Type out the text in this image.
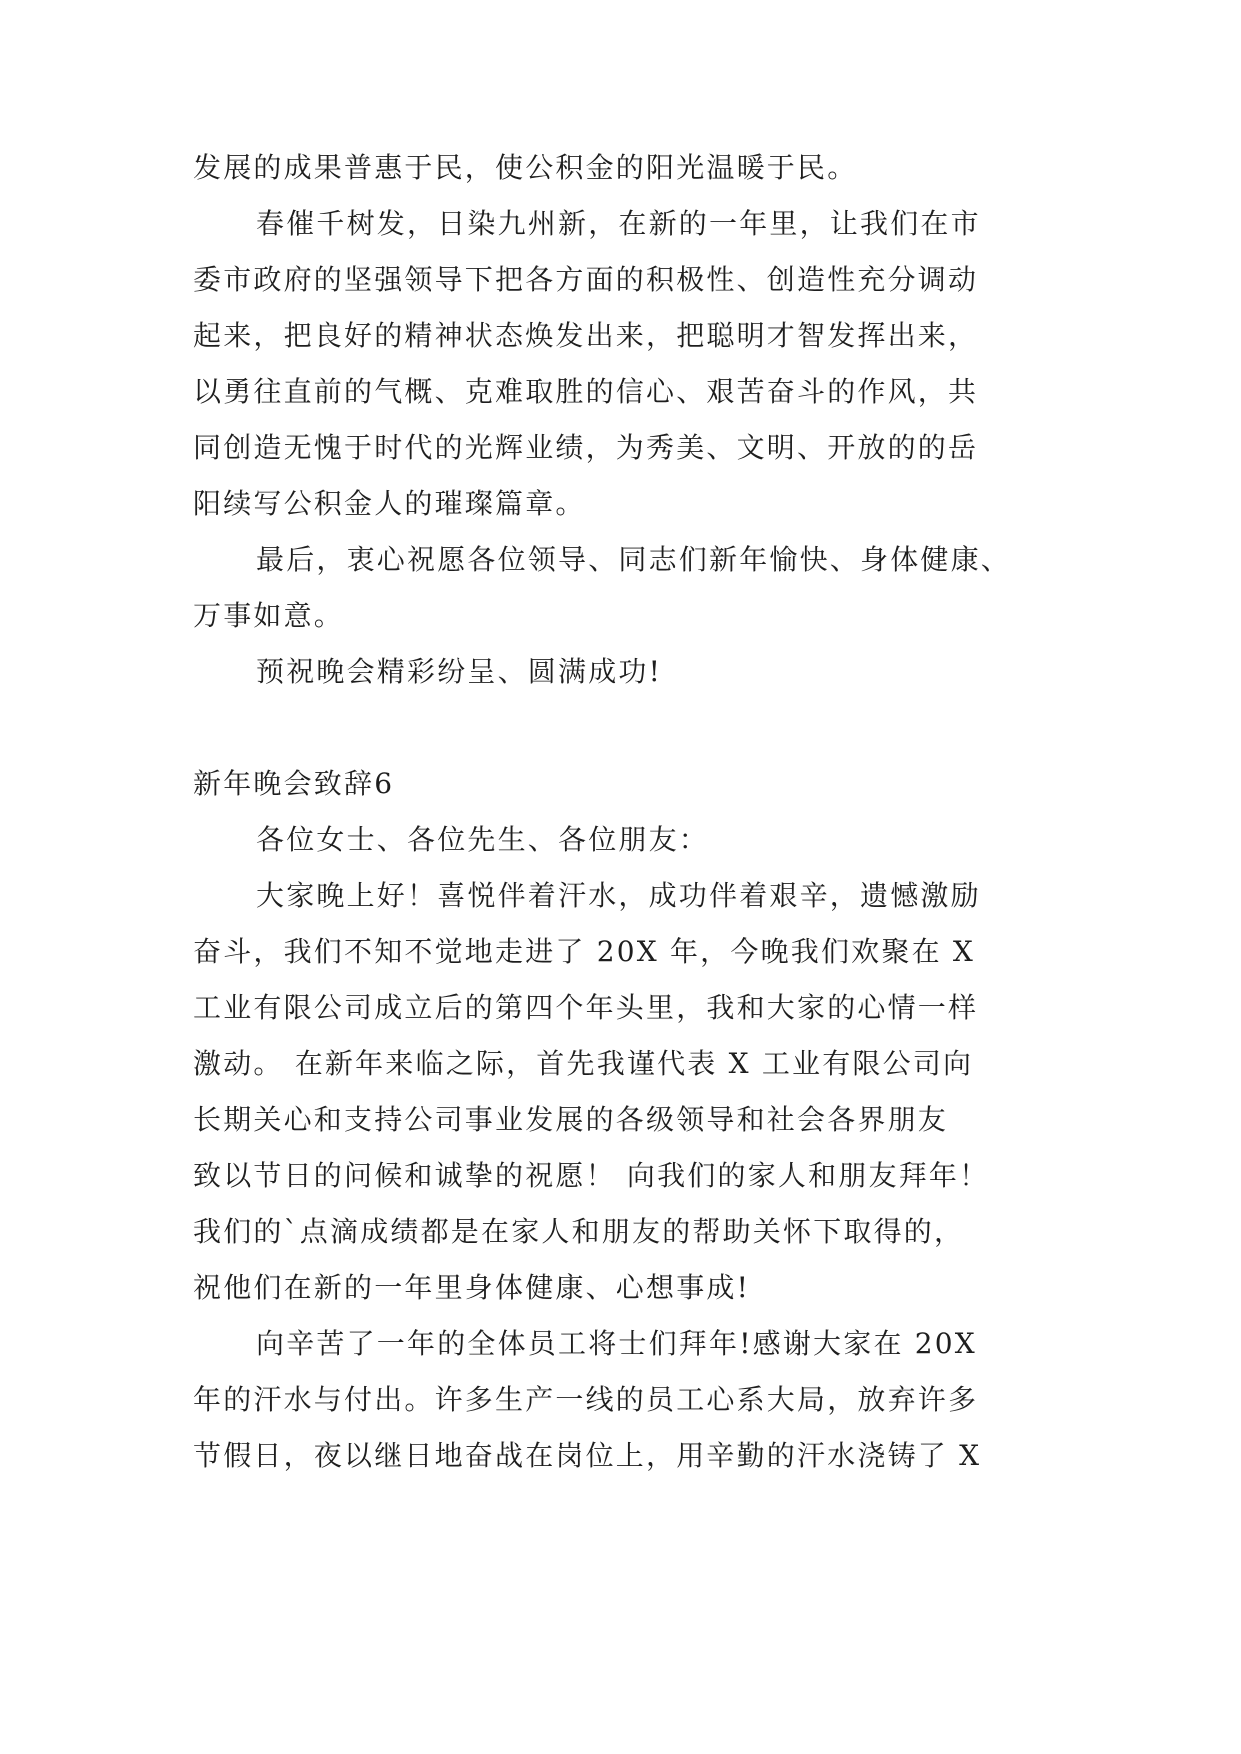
发展的成果普惠于民，使公积金的阳光温暖于民。
春催千树发，日染九州新，在新的一年里，让我们在市
委市政府的坚强领导下把各方面的积极性、创造性充分调动
起来，把良好的精神状态焕发出来，把聪明才智发挥出来，
以勇往直前的气概、克难取胜的信心、艰苦奋斗的作风，共
同创造无愧于时代的光辉业绩，为秀美、文明、开放的的岳
阳续写公积金人的璀璨篇章。
最后，衷心祝愿各位领导、同志们新年愉快、身体健康、
万事如意。
预祝晚会精彩纷呈、圆满成功!
新年晚会致辞6
各位女士、各位先生、各位朋友：
大家晚上好！喜悦伴着汗水，成功伴着艰辛，遗憾激励
奋斗，我们不知不觉地走进了 20X 年，今晚我们欢聚在 X
工业有限公司成立后的第四个年头里，我和大家的心情一样
激动。 在新年来临之际，首先我谨代表 X 工业有限公司向
长期关心和支持公司事业发展的各级领导和社会各界朋友
致以节日的问候和诚挚的祝愿！ 向我们的家人和朋友拜年！
我们的`点滴成绩都是在家人和朋友的帮助关怀下取得的，
祝他们在新的一年里身体健康、心想事成!
向辛苦了一年的全体员工将士们拜年!感谢大家在 20X
年的汗水与付出。许多生产一线的员工心系大局，放弃许多
节假日，夜以继日地奋战在岗位上，用辛勤的汗水浇铸了 X
